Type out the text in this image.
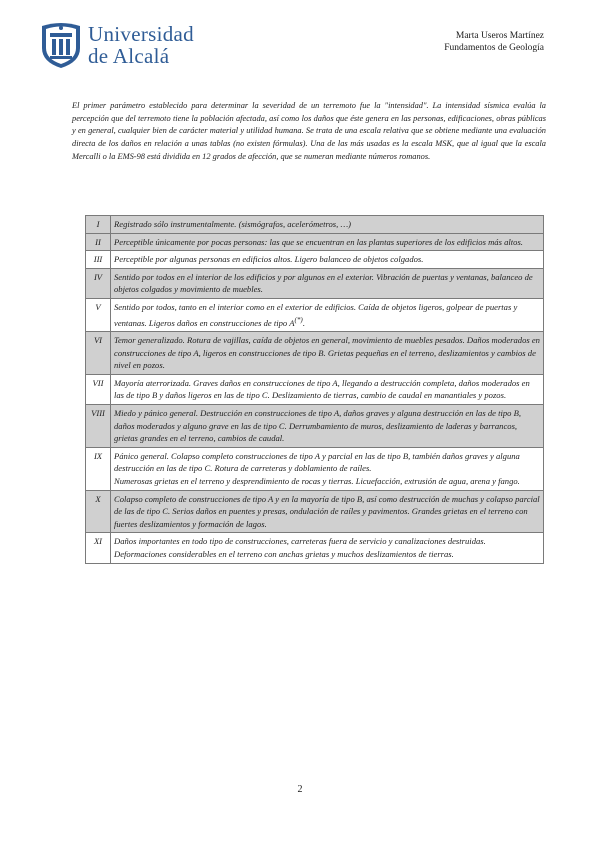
Universidad
de Alcalá
Marta Useros Martínez
Fundamentos de Geología

El primer parámetro establecido para determinar la severidad de un terremoto fue la "intensidad". La intensidad sísmica evalúa la percepción que del terremoto tiene la población afectada, así como los daños que éste genera en las personas, edificaciones, obras públicas y en general, cualquier bien de carácter material y utilidad humana. Se trata de una escala relativa que se obtiene mediante una evaluación directa de los daños en relación a unas tablas (no existen fórmulas). Una de las más usadas es la escala MSK, que al igual que la escala Mercalli o la EMS-98 está dividida en 12 grados de afección, que se numeran mediante números romanos.

I	Registrado sólo instrumentalmente. (sismógrafos, acelerómetros, …)
II	Perceptible únicamente por pocas personas: las que se encuentran en las plantas superiores de los edificios más altos.
III	Perceptible por algunas personas en edificios altos. Ligero balanceo de objetos colgados.
IV	Sentido por todos en el interior de los edificios y por algunos en el exterior. Vibración de puertas y ventanas, balanceo de objetos colgados y movimiento de muebles.
V	Sentido por todos, tanto en el interior como en el exterior de edificios. Caída de objetos ligeros, golpear de puertas y ventanas. Ligeros daños en construcciones de tipo A(*).
VI	Temor generalizado. Rotura de vajillas, caída de objetos en general, movimiento de muebles pesados. Daños moderados en construcciones de tipo A, ligeros en construcciones de tipo B. Grietas pequeñas en el terreno, deslizamientos y cambios de nivel en pozos.
VII	Mayoría aterrorizada. Graves daños en construcciones de tipo A, llegando a destrucción completa, daños moderados en las de tipo B y daños ligeros en las de tipo C. Deslizamiento de tierras, cambio de caudal en manantiales y pozos.
VIII	Miedo y pánico general. Destrucción en construcciones de tipo A, daños graves y alguna destrucción en las de tipo B, daños moderados y alguno grave en las de tipo C. Derrumbamiento de muros, deslizamiento de laderas y barrancos, grietas grandes en el terreno, cambios de caudal.
IX	Pánico general. Colapso completo construcciones de tipo A y parcial en las de tipo B, también daños graves y alguna destrucción en las de tipo C. Rotura de carreteras y doblamiento de raíles.
Numerosas grietas en el terreno y desprendimiento de rocas y tierras. Licuefacción, extrusión de agua, arena y fango.

X	Colapso completo de construcciones de tipo A y en la mayoría de tipo B, así como destrucción de muchas y colapso parcial de las de tipo C. Serios daños en puentes y presas, ondulación de raíles y pavimentos. Grandes grietas en el terreno con fuertes deslizamientos y formación de lagos.
XI	Daños importantes en todo tipo de construcciones, carreteras fuera de servicio y canalizaciones destruidas. Deformaciones considerables en el terreno con anchas grietas y muchos deslizamientos de tierras.
2
